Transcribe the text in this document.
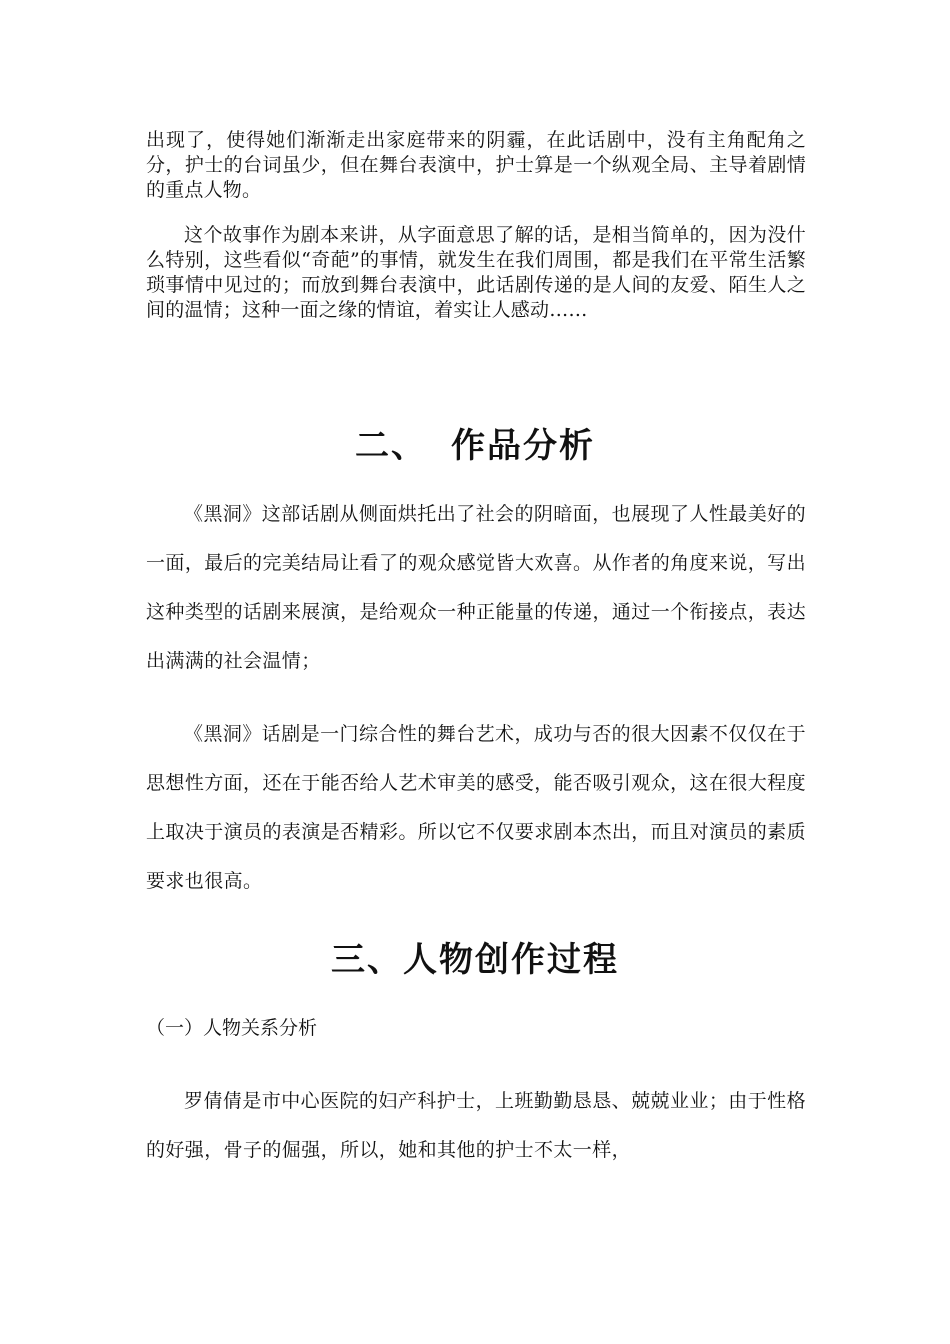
出现了，使得她们渐渐走出家庭带来的阴霾，在此话剧中，没有主角配角之分，护士的台词虽少，但在舞台表演中，护士算是一个纵观全局、主导着剧情的重点人物。

这个故事作为剧本来讲，从字面意思了解的话，是相当简单的，因为没什么特别，这些看似“奇葩”的事情，就发生在我们周围，都是我们在平常生活繁琐事情中见过的；而放到舞台表演中，此话剧传递的是人间的友爱、陌生人之间的温情；这种一面之缘的情谊，着实让人感动……

二、 作品分析

《黑洞》这部话剧从侧面烘托出了社会的阴暗面，也展现了人性最美好的一面，最后的完美结局让看了的观众感觉皆大欢喜。从作者的角度来说，写出这种类型的话剧来展演，是给观众一种正能量的传递，通过一个衔接点，表达出满满的社会温情；

《黑洞》话剧是一门综合性的舞台艺术，成功与否的很大因素不仅仅在于思想性方面，还在于能否给人艺术审美的感受，能否吸引观众，这在很大程度上取决于演员的表演是否精彩。所以它不仅要求剧本杰出，而且对演员的素质要求也很高。

三、人物创作过程

（一）人物关系分析

罗倩倩是市中心医院的妇产科护士，上班勤勤恳恳、兢兢业业；由于性格的好强，骨子的倔强，所以，她和其他的护士不太一样，
